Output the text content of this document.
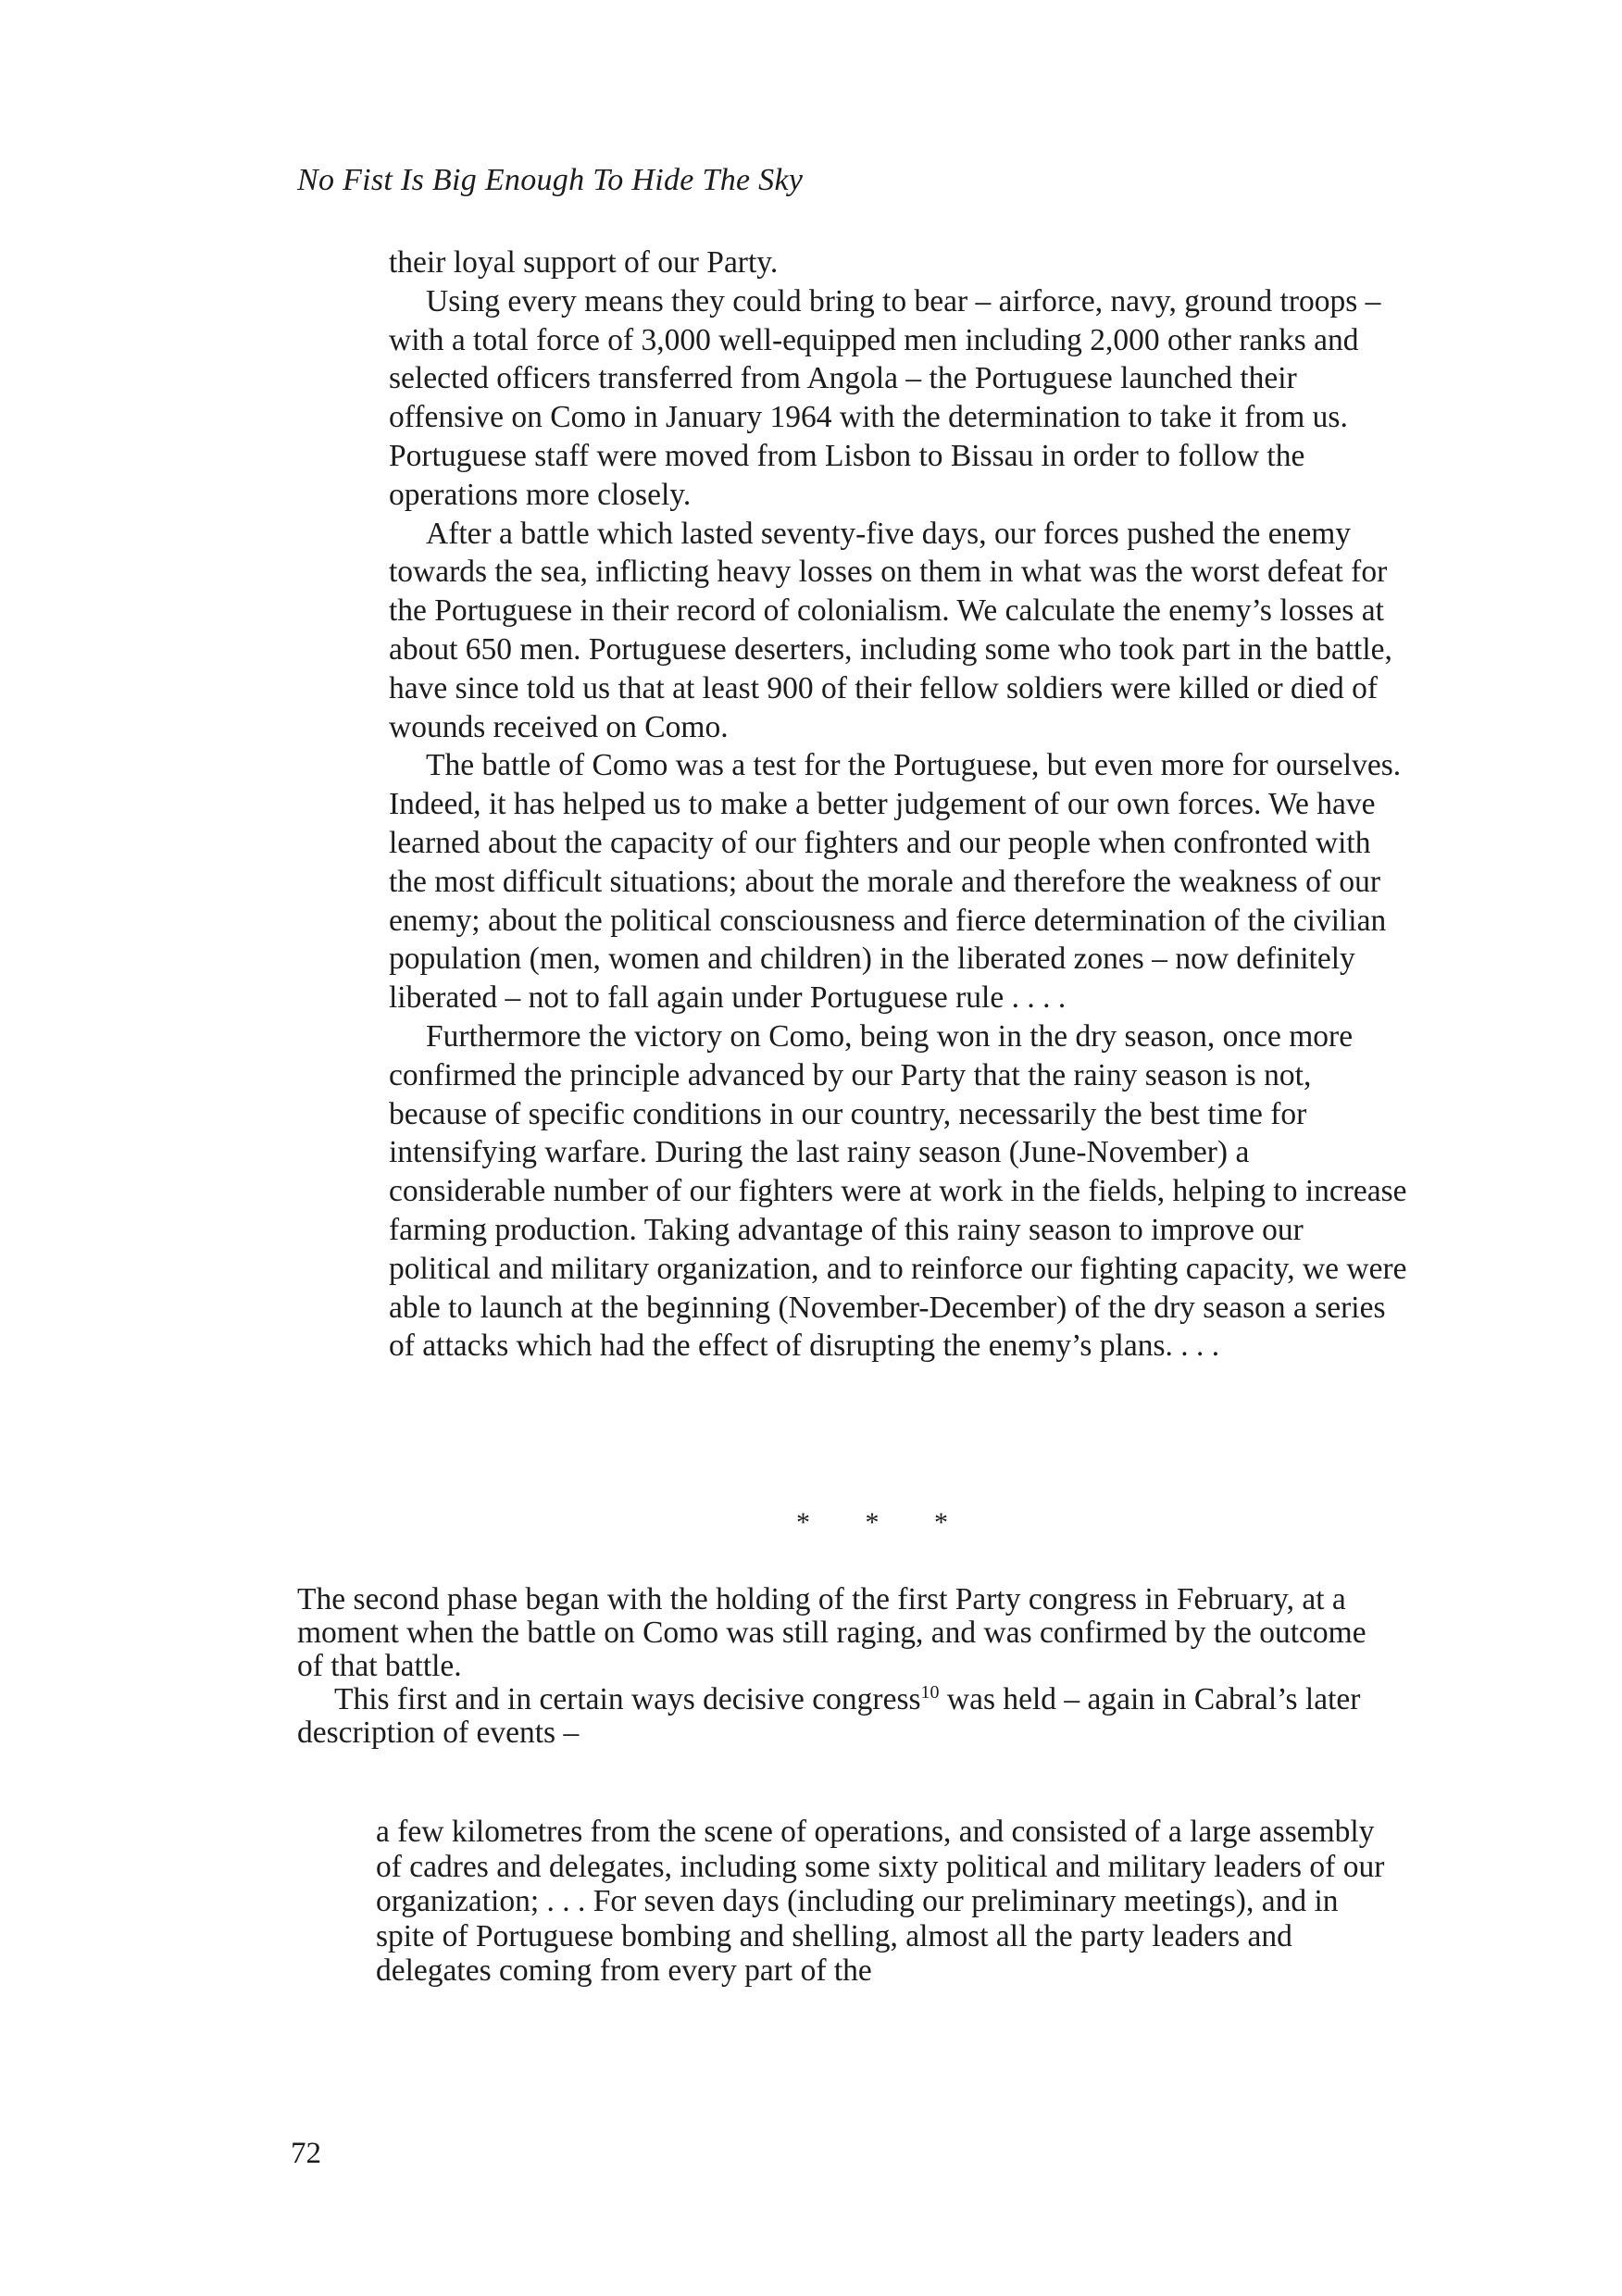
No Fist Is Big Enough To Hide The Sky

their loyal support of our Party.

Using every means they could bring to bear – airforce, navy, ground troops – with a total force of 3,000 well-equipped men including 2,000 other ranks and selected officers transferred from Angola – the Portuguese launched their offensive on Como in January 1964 with the determination to take it from us. Portuguese staff were moved from Lisbon to Bissau in order to follow the operations more closely.

After a battle which lasted seventy-five days, our forces pushed the enemy towards the sea, inflicting heavy losses on them in what was the worst defeat for the Portuguese in their record of colonialism. We calculate the enemy’s losses at about 650 men. Portuguese deserters, including some who took part in the battle, have since told us that at least 900 of their fellow soldiers were killed or died of wounds received on Como.

The battle of Como was a test for the Portuguese, but even more for ourselves. Indeed, it has helped us to make a better judgement of our own forces. We have learned about the capacity of our fighters and our people when confronted with the most difficult situations; about the morale and therefore the weakness of our enemy; about the political consciousness and fierce determination of the civilian population (men, women and children) in the liberated zones – now definitely liberated – not to fall again under Portuguese rule . . . .

Furthermore the victory on Como, being won in the dry season, once more confirmed the principle advanced by our Party that the rainy season is not, because of specific conditions in our country, necessarily the best time for intensifying warfare. During the last rainy season (June-November) a considerable number of our fighters were at work in the fields, helping to increase farming production. Taking advantage of this rainy season to improve our political and military organization, and to reinforce our fighting capacity, we were able to launch at the beginning (November-December) of the dry season a series of attacks which had the effect of disrupting the enemy’s plans. . . .

* * *

The second phase began with the holding of the first Party congress in February, at a moment when the battle on Como was still raging, and was confirmed by the outcome of that battle.

This first and in certain ways decisive congress$^{10}$ was held – again in Cabral’s later description of events –

a few kilometres from the scene of operations, and consisted of a large assembly of cadres and delegates, including some sixty political and military leaders of our organization; . . . For seven days (including our preliminary meetings), and in spite of Portuguese bombing and shelling, almost all the party leaders and delegates coming from every part of the

72
